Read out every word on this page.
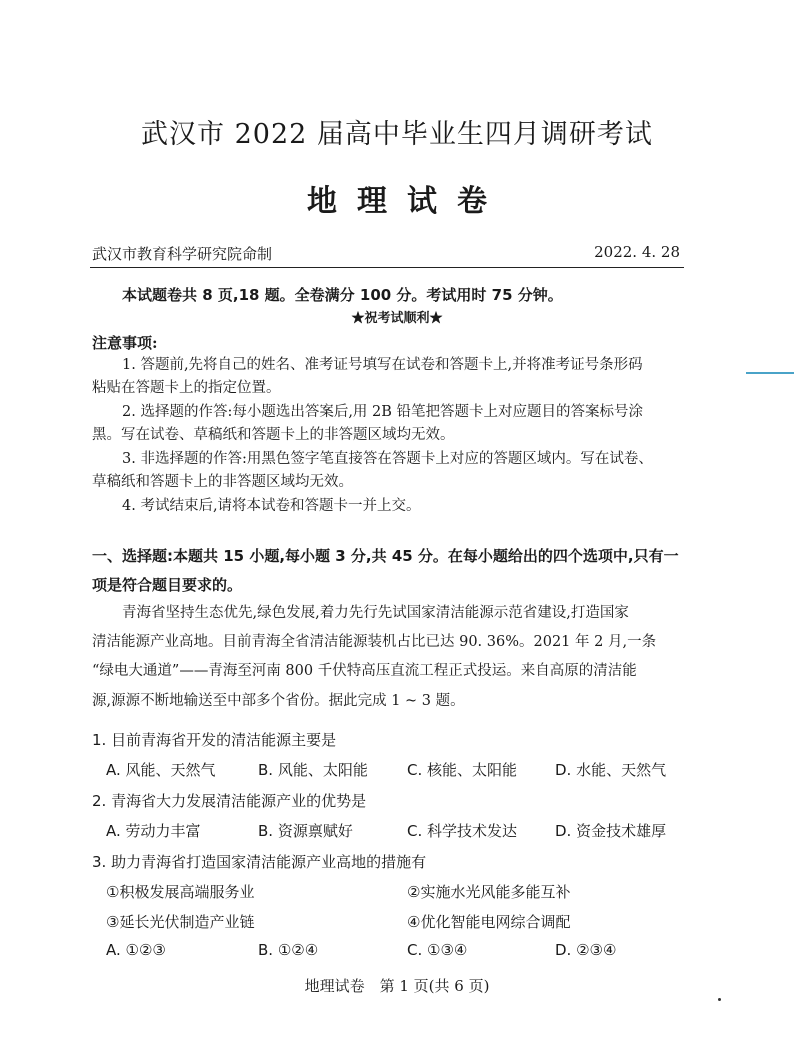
武汉市 2022 届高中毕业生四月调研考试
地理试卷
武汉市教育科学研究院命制	2022. 4. 28
本试题卷共 8 页,18 题。全卷满分 100 分。考试用时 75 分钟。
★祝考试顺利★
注意事项:
1. 答题前,先将自己的姓名、准考证号填写在试卷和答题卡上,并将准考证号条形码
粘贴在答题卡上的指定位置。
2. 选择题的作答:每小题选出答案后,用 2B 铅笔把答题卡上对应题目的答案标号涂
黑。写在试卷、草稿纸和答题卡上的非答题区域均无效。
3. 非选择题的作答:用黑色签字笔直接答在答题卡上对应的答题区域内。写在试卷、
草稿纸和答题卡上的非答题区域均无效。
4. 考试结束后,请将本试卷和答题卡一并上交。
一、选择题:本题共 15 小题,每小题 3 分,共 45 分。在每小题给出的四个选项中,只有一
项是符合题目要求的。
青海省坚持生态优先,绿色发展,着力先行先试国家清洁能源示范省建设,打造国家
清洁能源产业高地。目前青海全省清洁能源装机占比已达 90. 36%。2021 年 2 月,一条
“绿电大通道”——青海至河南 800 千伏特高压直流工程正式投运。来自高原的清洁能
源,源源不断地输送至中部多个省份。据此完成 1 ~ 3 题。
1. 目前青海省开发的清洁能源主要是
A. 风能、天然气	B. 风能、太阳能	C. 核能、太阳能	D. 水能、天然气
2. 青海省大力发展清洁能源产业的优势是
A. 劳动力丰富	B. 资源禀赋好	C. 科学技术发达	D. 资金技术雄厚
3. 助力青海省打造国家清洁能源产业高地的措施有
①积极发展高端服务业	②实施水光风能多能互补
③延长光伏制造产业链	④优化智能电网综合调配
A. ①②③	B. ①②④	C. ①③④	D. ②③④
地理试卷　第 1 页(共 6 页)
